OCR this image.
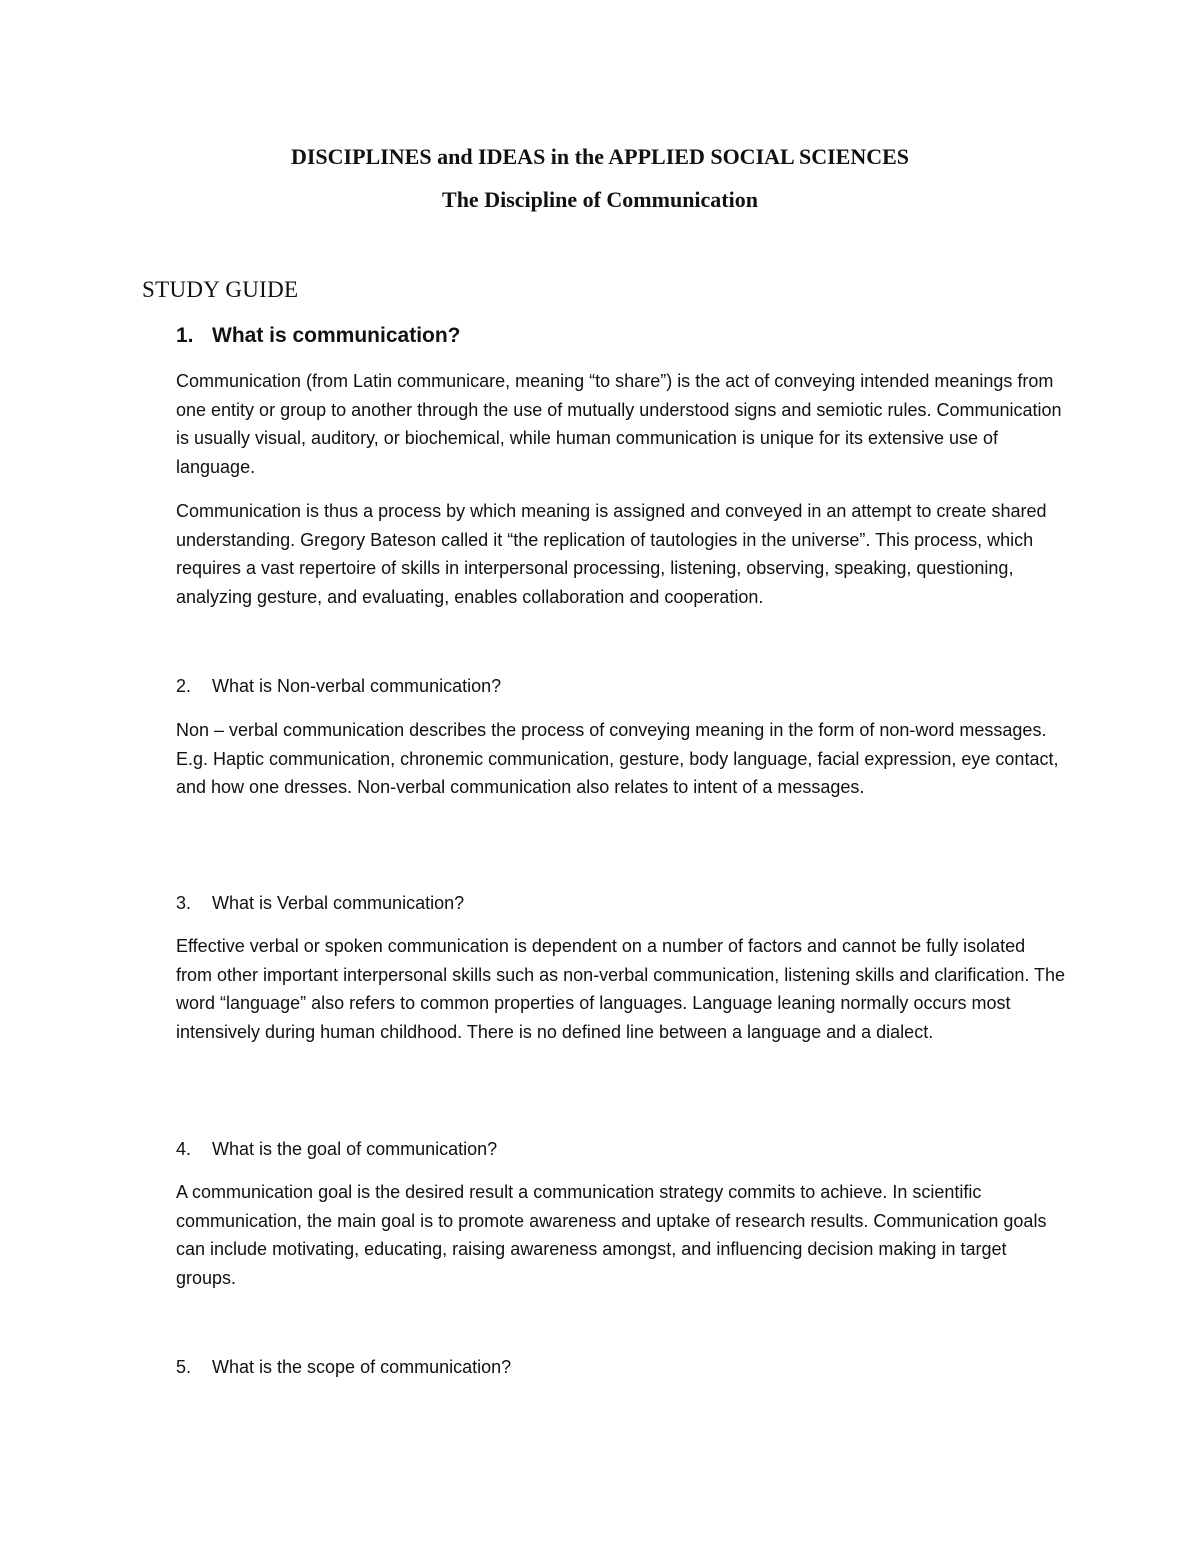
DISCIPLINES and IDEAS in the APPLIED SOCIAL SCIENCES
The Discipline of Communication
STUDY GUIDE
1. What is communication?

Communication (from Latin communicare, meaning “to share”) is the act of conveying intended meanings from one entity or group to another through the use of mutually understood signs and semiotic rules. Communication is usually visual, auditory, or biochemical, while human communication is unique for its extensive use of language.

Communication is thus a process by which meaning is assigned and conveyed in an attempt to create shared understanding. Gregory Bateson called it “the replication of tautologies in the universe”. This process, which requires a vast repertoire of skills in interpersonal processing, listening, observing, speaking, questioning, analyzing gesture, and evaluating, enables collaboration and cooperation.

2. What is Non-verbal communication?

Non – verbal communication describes the process of conveying meaning in the form of non-word messages. E.g. Haptic communication, chronemic communication, gesture, body language, facial expression, eye contact, and how one dresses. Non-verbal communication also relates to intent of a messages.

3. What is Verbal communication?

Effective verbal or spoken communication is dependent on a number of factors and cannot be fully isolated from other important interpersonal skills such as non-verbal communication, listening skills and clarification. The word “language” also refers to common properties of languages. Language leaning normally occurs most intensively during human childhood. There is no defined line between a language and a dialect.

4. What is the goal of communication?

A communication goal is the desired result a communication strategy commits to achieve. In scientific communication, the main goal is to promote awareness and uptake of research results. Communication goals can include motivating, educating, raising awareness amongst, and influencing decision making in target groups.

5. What is the scope of communication?
